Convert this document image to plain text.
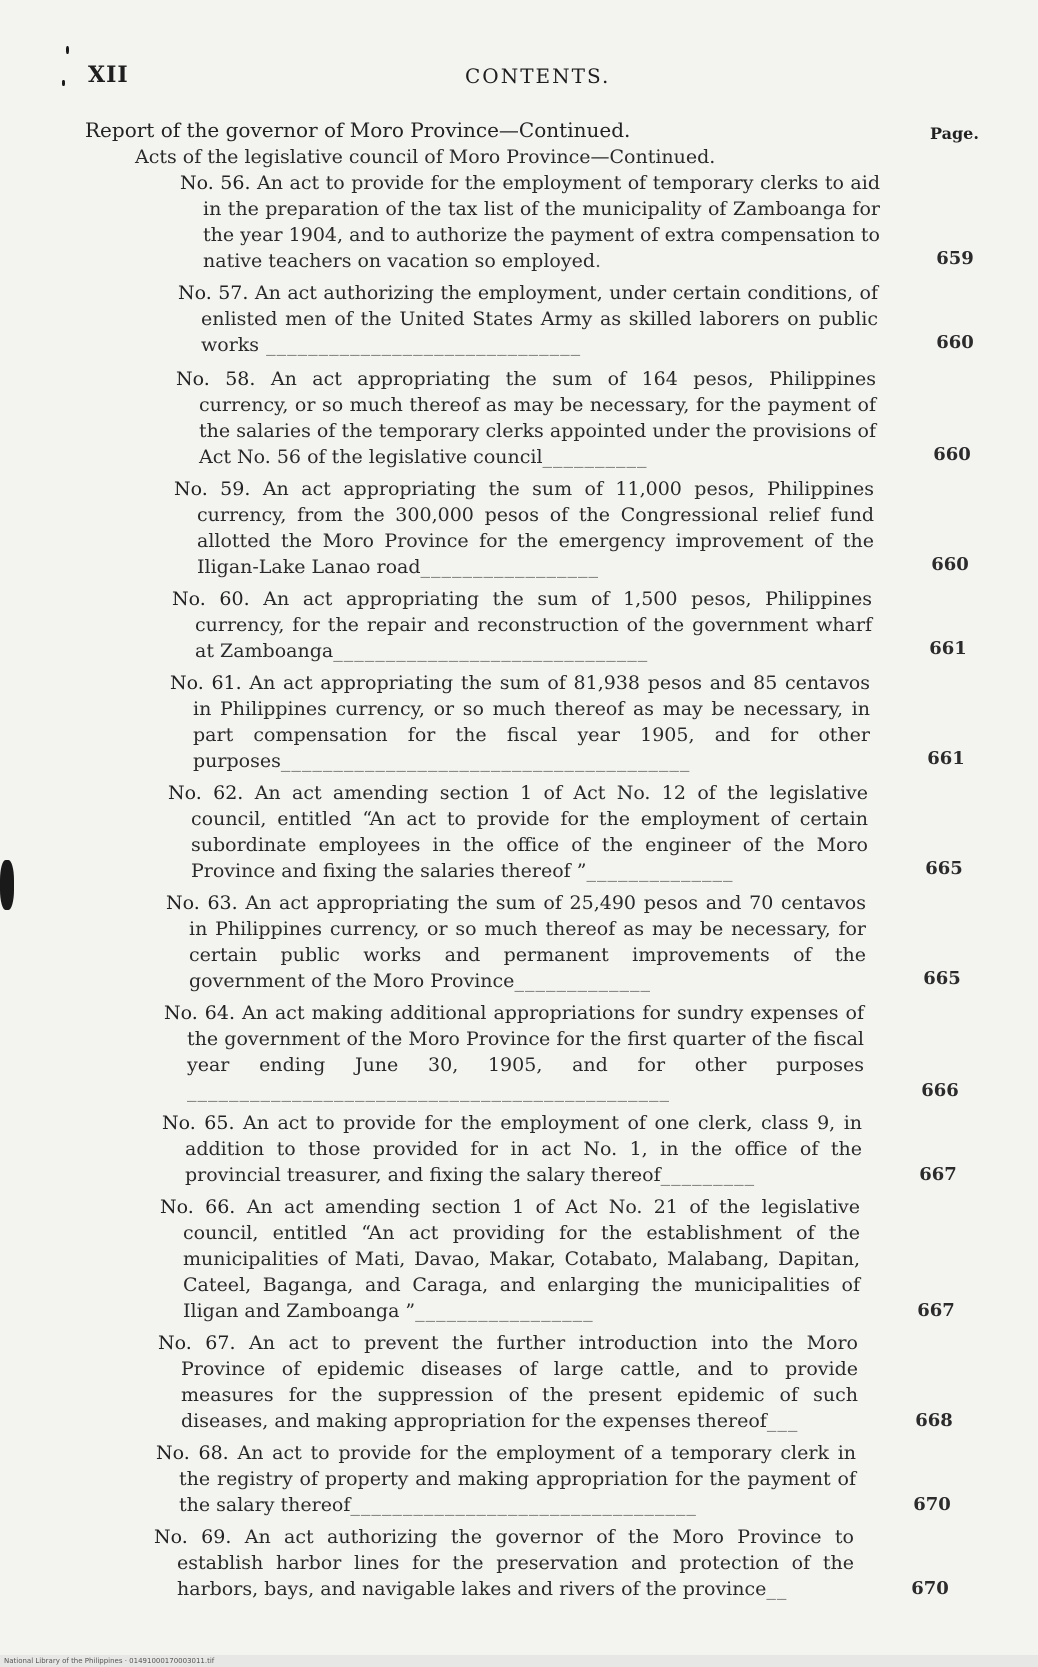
XII	CONTENTS.
Report of the governor of Moro Province—Continued.	Page.
Acts of the legislative council of Moro Province—Continued.
No. 56. An act to provide for the employment of temporary clerks to aid in the preparation of the tax list of the municipality of Zamboanga for the year 1904, and to authorize the payment of extra compensation to native teachers on vacation so employed.	659
No. 57. An act authorizing the employment, under certain conditions, of enlisted men of the United States Army as skilled laborers on public works ______________________________	660
No. 58. An act appropriating the sum of 164 pesos, Philippines currency, or so much thereof as may be necessary, for the payment of the salaries of the temporary clerks appointed under the provisions of Act No. 56 of the legislative council__________	660
No. 59. An act appropriating the sum of 11,000 pesos, Philippines currency, from the 300,000 pesos of the Congressional relief fund allotted the Moro Province for the emergency improvement of the Iligan-Lake Lanao road_________________	660
No. 60. An act appropriating the sum of 1,500 pesos, Philippines currency, for the repair and reconstruction of the government wharf at Zamboanga______________________________	661
No. 61. An act appropriating the sum of 81,938 pesos and 85 centavos in Philippines currency, or so much thereof as may be necessary, in part compensation for the fiscal year 1905, and for other purposes_______________________________________	661
No. 62. An act amending section 1 of Act No. 12 of the legislative council, entitled “An act to provide for the employment of certain subordinate employees in the office of the engineer of the Moro Province and fixing the salaries thereof ”______________	665
No. 63. An act appropriating the sum of 25,490 pesos and 70 centavos in Philippines currency, or so much thereof as may be necessary, for certain public works and permanent improvements of the government of the Moro Province_____________	665
No. 64. An act making additional appropriations for sundry expenses of the government of the Moro Province for the first quarter of the fiscal year ending June 30, 1905, and for other purposes ______________________________________________	666
No. 65. An act to provide for the employment of one clerk, class 9, in addition to those provided for in act No. 1, in the office of the provincial treasurer, and fixing the salary thereof_________	667
No. 66. An act amending section 1 of Act No. 21 of the legislative council, entitled “An act providing for the establishment of the municipalities of Mati, Davao, Makar, Cotabato, Malabang, Dapitan, Cateel, Baganga, and Caraga, and enlarging the municipalities of Iligan and Zamboanga ”_________________	667
No. 67. An act to prevent the further introduction into the Moro Province of epidemic diseases of large cattle, and to provide measures for the suppression of the present epidemic of such diseases, and making appropriation for the expenses thereof___	668
No. 68. An act to provide for the employment of a temporary clerk in the registry of property and making appropriation for the payment of the salary thereof_________________________________	670
No. 69. An act authorizing the governor of the Moro Province to establish harbor lines for the preservation and protection of the harbors, bays, and navigable lakes and rivers of the province__	670
National Library of the Philippines · 01491000170003011.tif
